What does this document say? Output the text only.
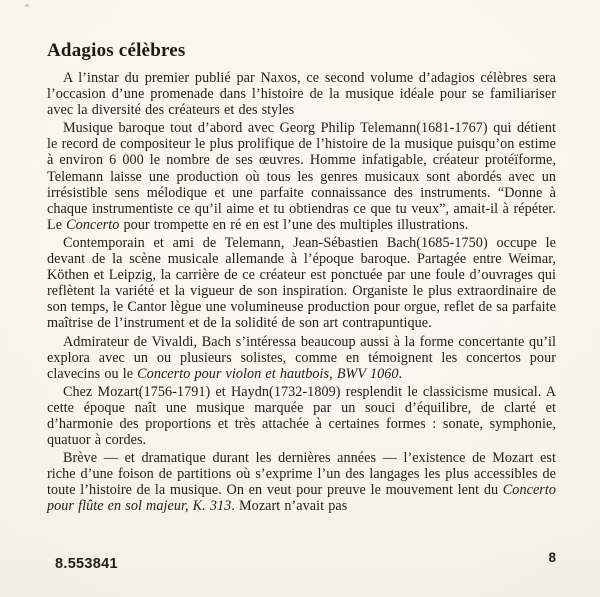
Adagios célèbres

A l’instar du premier publié par Naxos, ce second volume d’adagios célèbres sera l’occasion d’une promenade dans l’histoire de la musique idéale pour se familiariser avec la diversité des créateurs et des styles

Musique baroque tout d’abord avec Georg Philip Telemann(1681-1767) qui détient le record de compositeur le plus prolifique de l’histoire de la musique puisqu’on estime à environ 6 000 le nombre de ses œuvres. Homme infatigable, créateur protéïforme, Telemann laisse une production où tous les genres musicaux sont abordés avec un irrésistible sens mélodique et une parfaite connaissance des instruments. “Donne à chaque instrumentiste ce qu’il aime et tu obtiendras ce que tu veux”, amait-il à répéter. Le Concerto pour trompette en ré en est l’une des multiples illustrations.

Contemporain et ami de Telemann, Jean-Sébastien Bach(1685-1750) occupe le devant de la scène musicale allemande à l’époque baroque. Partagée entre Weimar, Köthen et Leipzig, la carrière de ce créateur est ponctuée par une foule d’ouvrages qui reflètent la variété et la vigueur de son inspiration. Organiste le plus extraordinaire de son temps, le Cantor lègue une volumineuse production pour orgue, reflet de sa parfaite maîtrise de l’instrument et de la solidité de son art contrapuntique.

Admirateur de Vivaldi, Bach s’intéressa beaucoup aussi à la forme concertante qu’il explora avec un ou plusieurs solistes, comme en témoignent les concertos pour clavecins ou le Concerto pour violon et hautbois, BWV 1060.

Chez Mozart(1756-1791) et Haydn(1732-1809) resplendit le classicisme musical. A cette époque naît une musique marquée par un souci d’équilibre, de clarté et d’harmonie des proportions et très attachée à certaines formes : sonate, symphonie, quatuor à cordes.

Brève — et dramatique durant les dernières années — l’existence de Mozart est riche d’une foison de partitions où s’exprime l’un des langages les plus accessibles de toute l’histoire de la musique. On en veut pour preuve le mouvement lent du Concerto pour flûte en sol majeur, K. 313. Mozart n’avait pas

8.553841	8
